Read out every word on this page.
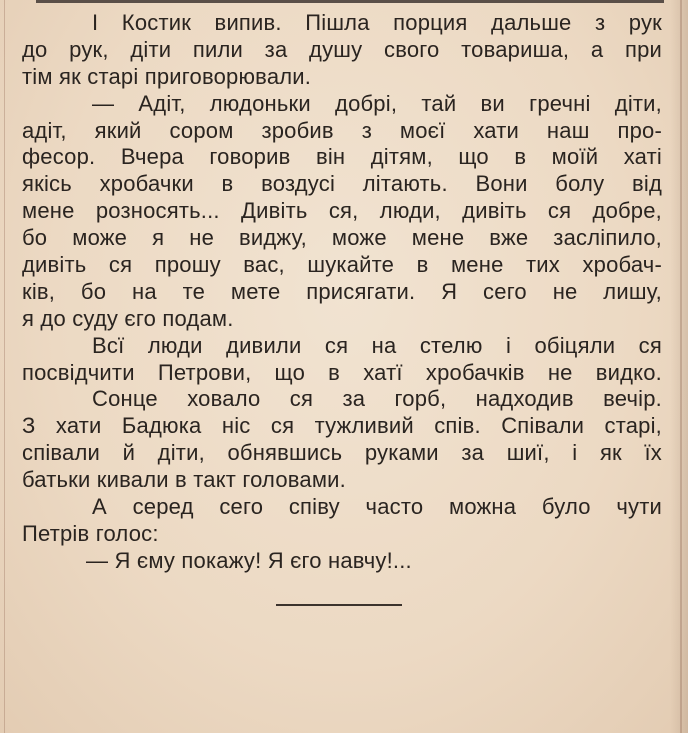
І Костик випив. Пішла порция дальше з рук
до рук, діти пили за душу свого товариша, а при
тім як старі приговорювали.
— Адіт, людоньки добрі, тай ви гречні діти,
адіт, який сором зробив з моєї хати наш про-
фесор. Вчера говорив він дітям, що в моїй хаті
якісь хробачки в воздусі літають. Вони болу від
мене розносять... Дивіть ся, люди, дивіть ся добре,
бо може я не виджу, може мене вже засліпило,
дивіть ся прошу вас, шукайте в мене тих хробач-
ків, бо на те мете присягати. Я сего не лишу,
я до суду єго подам.
Всї люди дивили ся на стелю і обіцяли ся
посвідчити Петрови, що в хатї хробачків не видко.
Сонце ховало ся за горб, надходив вечір.
З хати Бадюка ніс ся тужливий спів. Співали старі,
співали й діти, обнявшись руками за шиї, і як їх
батьки кивали в такт головами.
А серед сего співу часто можна було чути
Петрів голос:
— Я єму покажу! Я єго навчу!...
